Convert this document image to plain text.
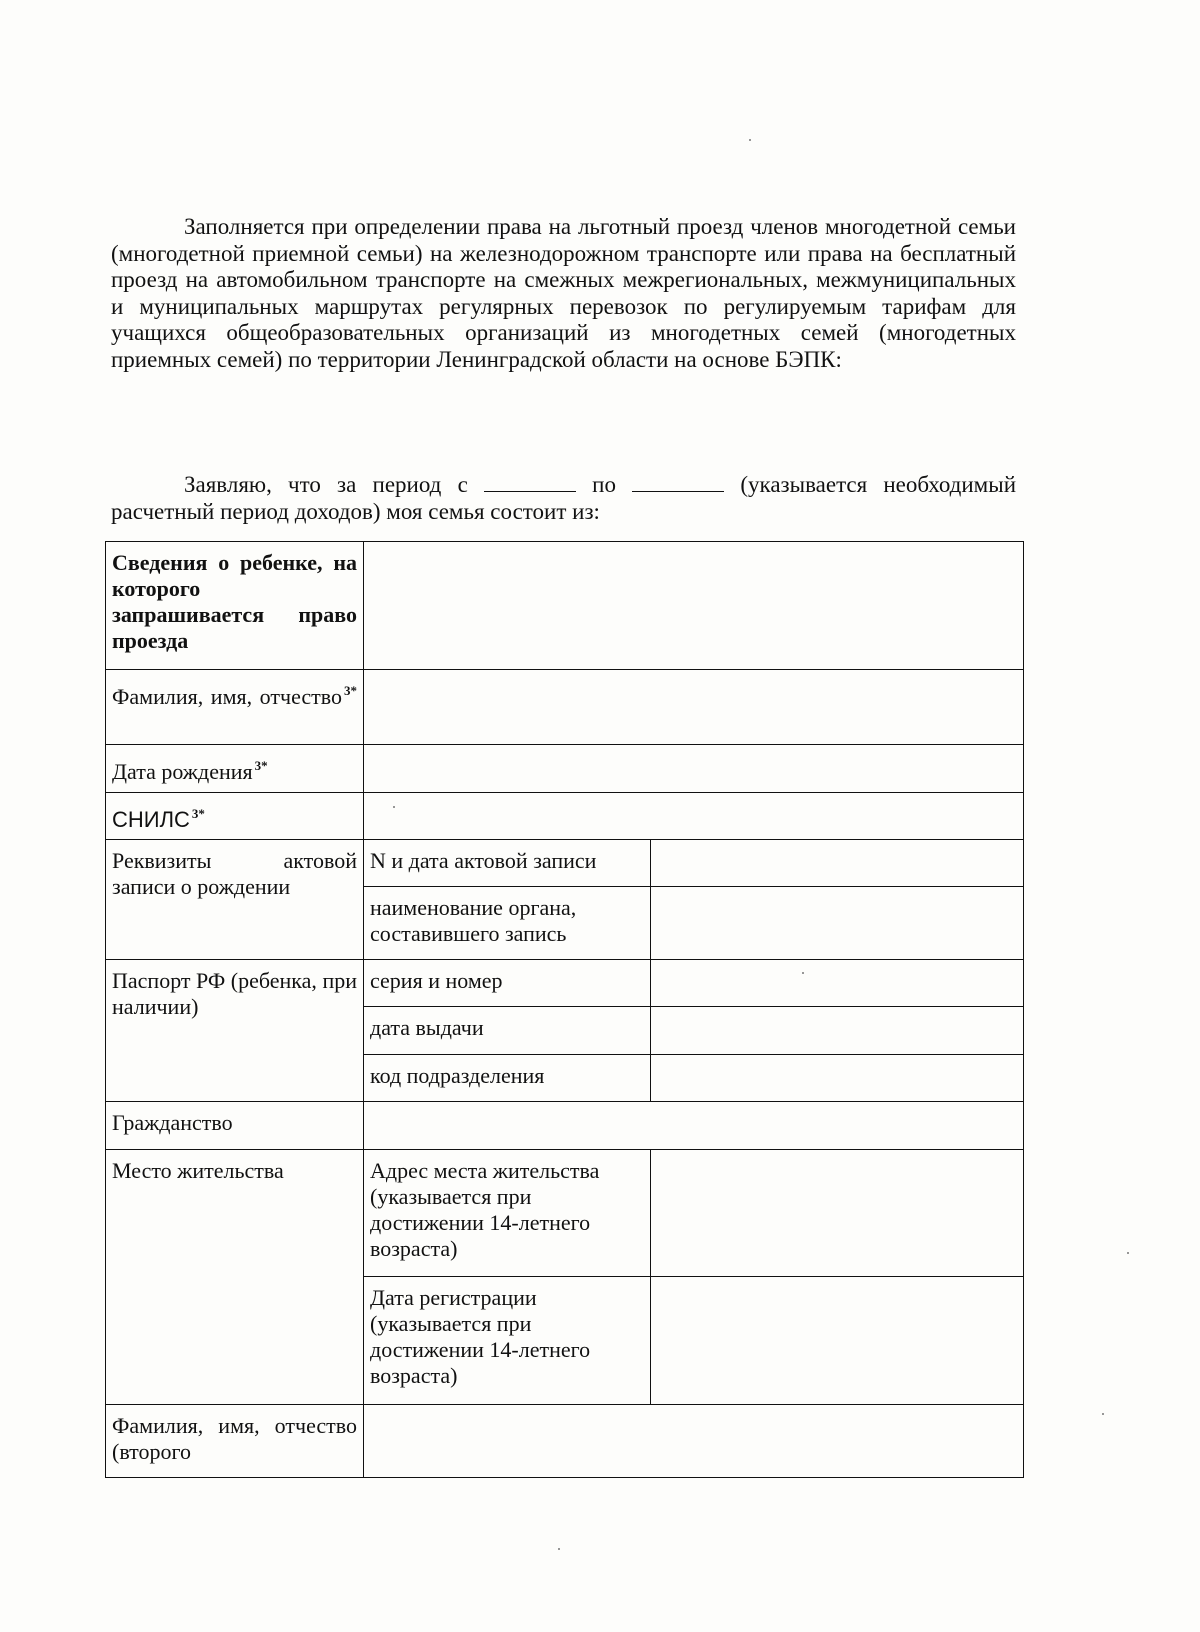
Заполняется при определении права на льготный проезд членов многодетной семьи (многодетной приемной семьи) на железнодорожном транспорте или права на бесплатный проезд на автомобильном транспорте на смежных межрегиональных, межмуниципальных и муниципальных маршрутах регулярных перевозок по регулируемым тарифам для учащихся общеобразовательных организаций из многодетных семей (многодетных приемных семей) по территории Ленинградской области на основе БЭПК:

Заявляю, что за период с	по	(указывается необходимый расчетный период доходов) моя семья состоит из:

Сведения о ребенке, на которого запрашивается право проезда		
Фамилия, имя, отчество $^{3*}$	
Дата рождения $^{3*}$	
СНИЛС $^{3*}$	
Реквизиты актовой записи о рождении	N и дата актовой записи	
	наименование органа, составившего запись	
Паспорт РФ (ребенка, при наличии)	серия и номер	
	дата выдачи	
	код подразделения	
Гражданство		
Место жительства	Адрес места жительства (указывается при достижении 14-летнего возраста)	
	Дата регистрации (указывается при достижении 14-летнего возраста)	
Фамилия, имя, отчество (второго		
